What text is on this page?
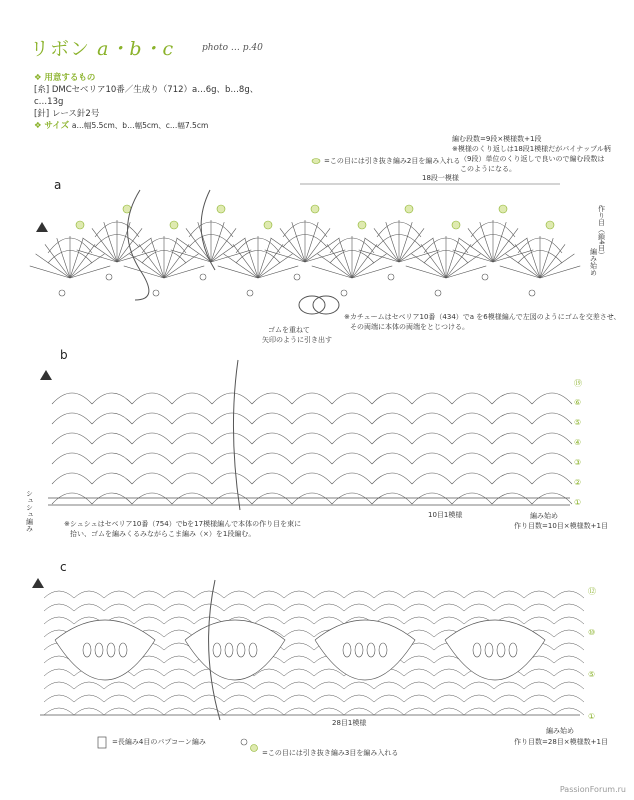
リボン a・b・c	photo … p.40
❖ 用意するもの
[糸] DMCセベリア10番／生成り（712）a…6g、b…8g、
c…13g
[針] レース針2号
❖ サイズ a…幅5.5cm、b…幅5cm、c…幅7.5cm
編む段数=9段×模様数+1段
※模様のくり返しは18段1模様だがパイナップル柄
（9段）単位のくり返しで良いので編む段数は
このようになる。
=この目には引き抜き編み2目を編み入れる
a	18段一模様
作り目（鎖4目）
編み始め
ゴムを重ねて
矢印のように引き出す
※カチュームはセベリア10番（434）でa を6模様編んで左図のようにゴムを交差させ、
その両端に本体の両端をとじつける。
b
シュシュ編み	10目1模様	編み始め
作り目数=10目×模様数+1目
※シュシュはセベリア10番（754）でbを17模様編んで本体の作り目を束に
拾い、ゴムを編みくるみながらこま編み（×）を1段編む。
c
28目1模様
編み始め
作り目数=28目×模様数+1目
=長編み4目のパプコーン編み
=この目には引き抜き編み3目を編み入れる
PassionForum.ru
⑲
⑥
⑤
④
③
②
①
⑫
⑩
⑤
①
